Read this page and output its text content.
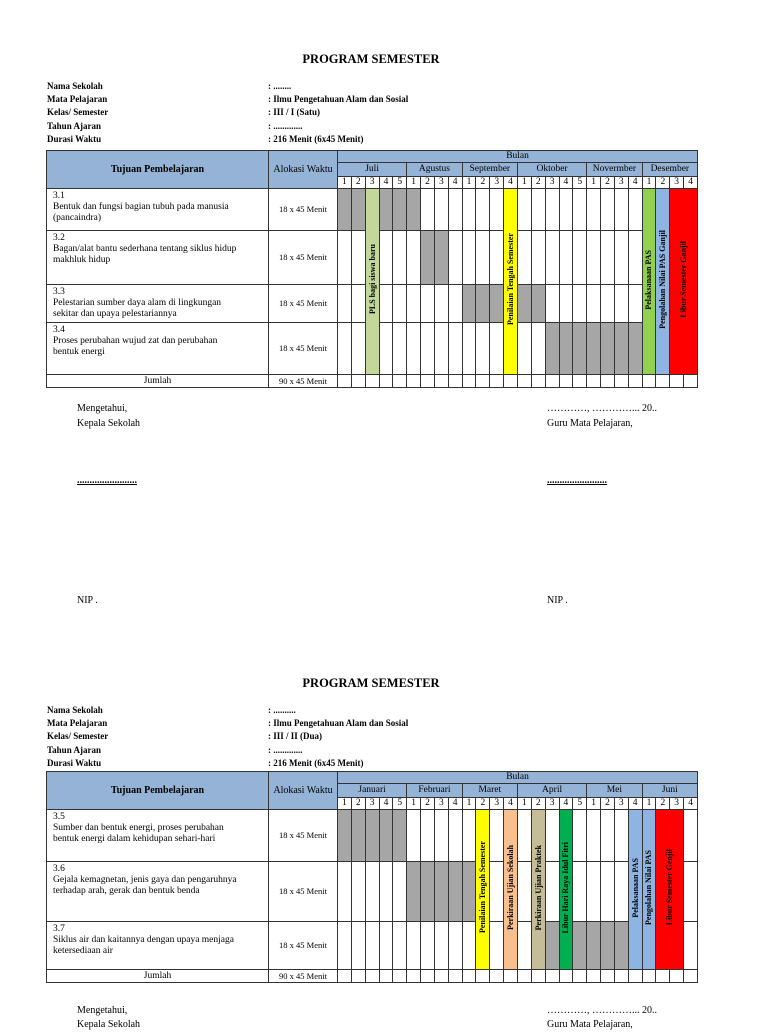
PROGRAM SEMESTER
Nama Sekolah	: ........
Mata Pelajaran	: Ilmu Pengetahuan Alam dan Sosial
Kelas/ Semester	: III / I (Satu)
Tahun Ajaran	: .............
Durasi Waktu	: 216 Menit (6x45 Menit)
Tujuan Pembelajaran	Alokasi Waktu	Bulan																									
		Juli					Agustus				September				Oktober					Novermber				Desember			
		1	2	3	4	5	1	2	3	4	1	2	3	4	1	2	3	4	5	1	2	3	4	1	2	3	4
3.1Bentuk dan fungsi bagian tubuh pada manusia (pancaindra)	18 x 45 Menit			PLS bagi siswa baru										Penilaian Tengah Semester										Pelaksanaan PAS	Pengolahan Nilai PAS Ganjil	Libur Semester Ganjil	
3.2Bagan/alat bantu sederhana tentang siklus hidup makhluk hidup	18 x 45 Menit																										
3.3Pelestarian sumber daya alam di lingkungan sekitar dan upaya pelestariannya	18 x 45 Menit																										
3.4Proses perubahan wujud zat dan perubahan bentuk energi	18 x 45 Menit																										
Jumlah	90 x 45 Menit																										
Mengetahui,
Kepala Sekolah
........................
NIP .
…………, …………... 20..
Guru Mata Pelajaran,
........................
NIP .
PROGRAM SEMESTER
Nama Sekolah	: ..........
Mata Pelajaran	: Ilmu Pengetahuan Alam dan Sosial
Kelas/ Semester	: III / II (Dua)
Tahun Ajaran	: .............
Durasi Waktu	: 216 Menit (6x45 Menit)
Tujuan Pembelajaran	Alokasi Waktu	Bulan																									
		Januari					Februari				Maret				April					Mei				Juni			
		1	2	3	4	5	1	2	3	4	1	2	3	4	1	2	3	4	5	1	2	3	4	1	2	3	4
3.5Sumber dan bentuk energi, proses perubahan bentuk energi dalam kehidupan sehari-hari	18 x 45 Menit											Penilaian Tengah Semester		Perkiraan Ujian Sekolah		Perkiraan Ujian Praktek		Libur Hari Raya Idul Fitri					Pelaksanaan PAS	Pengolahan Nilai PAS	Libur Semester Genjil		
3.6Gejala kemagnetan, jenis gaya dan pengaruhnya terhadap arah, gerak dan bentuk benda	18 x 45 Menit																										
3.7Siklus air dan kaitannya dengan upaya menjaga ketersediaan air	18 x 45 Menit																										
Jumlah	90 x 45 Menit																										
Mengetahui,
Kepala Sekolah
…………, …………... 20..
Guru Mata Pelajaran,
